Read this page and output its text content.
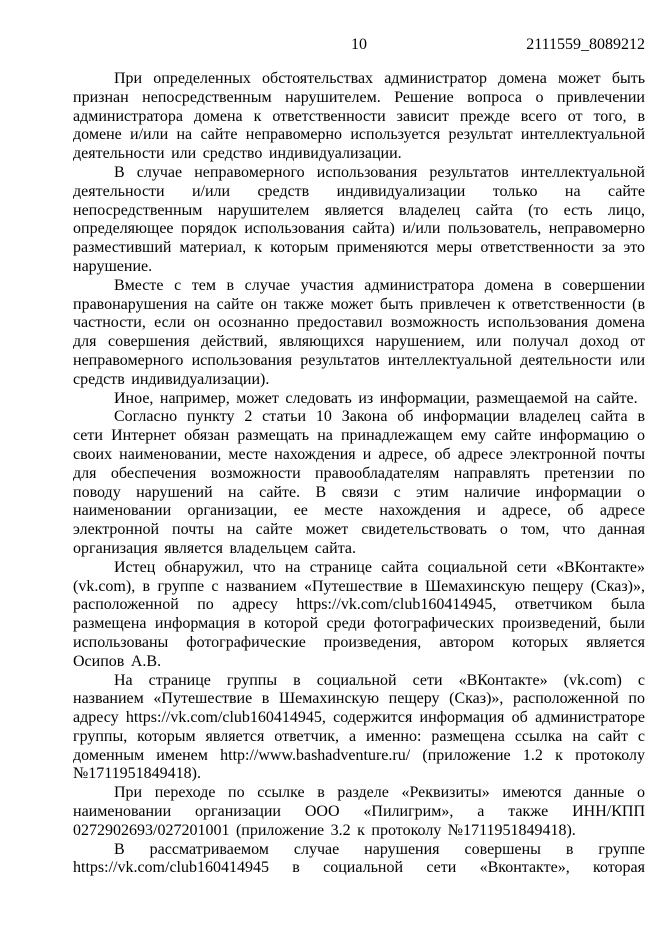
10	2111559_8089212

При определенных обстоятельствах администратор домена может быть признан непосредственным нарушителем. Решение вопроса о привлечении администратора домена к ответственности зависит прежде всего от того, в домене и/или на сайте неправомерно используется результат интеллектуальной деятельности или средство индивидуализации.

В случае неправомерного использования результатов интеллектуальной деятельности и/или средств индивидуализации только на сайте непосредственным нарушителем является владелец сайта (то есть лицо, определяющее порядок использования сайта) и/или пользователь, неправомерно разместивший материал, к которым применяются меры ответственности за это нарушение.

Вместе с тем в случае участия администратора домена в совершении правонарушения на сайте он также может быть привлечен к ответственности (в частности, если он осознанно предоставил возможность использования домена для совершения действий, являющихся нарушением, или получал доход от неправомерного использования результатов интеллектуальной деятельности или средств индивидуализации).

Иное, например, может следовать из информации, размещаемой на сайте.

Согласно пункту 2 статьи 10 Закона об информации владелец сайта в сети Интернет обязан размещать на принадлежащем ему сайте информацию о своих наименовании, месте нахождения и адресе, об адресе электронной почты для обеспечения возможности правообладателям направлять претензии по поводу нарушений на сайте. В связи с этим наличие информации о наименовании организации, ее месте нахождения и адресе, об адресе электронной почты на сайте может свидетельствовать о том, что данная организация является владельцем сайта.

Истец обнаружил, что на странице сайта социальной сети «ВКонтакте» (vk.com), в группе с названием «Путешествие в Шемахинскую пещеру (Сказ)», расположенной по адресу https://vk.com/club160414945, ответчиком была размещена информация в которой среди фотографических произведений, были использованы фотографические произведения, автором которых является Осипов А.В.

На странице группы в социальной сети «ВКонтакте» (vk.com) с названием «Путешествие в Шемахинскую пещеру (Сказ)», расположенной по адресу https://vk.com/club160414945, содержится информация об администраторе группы, которым является ответчик, а именно: размещена ссылка на сайт с доменным именем http://www.bashadventure.ru/ (приложение 1.2 к протоколу №1711951849418).

При переходе по ссылке в разделе «Реквизиты» имеются данные о наименовании организации ООО «Пилигрим», а также ИНН/КПП 0272902693/027201001 (приложение 3.2 к протоколу №1711951849418).

В рассматриваемом случае нарушения совершены в группе https://vk.com/club160414945 в социальной сети «Вконтакте», которая
